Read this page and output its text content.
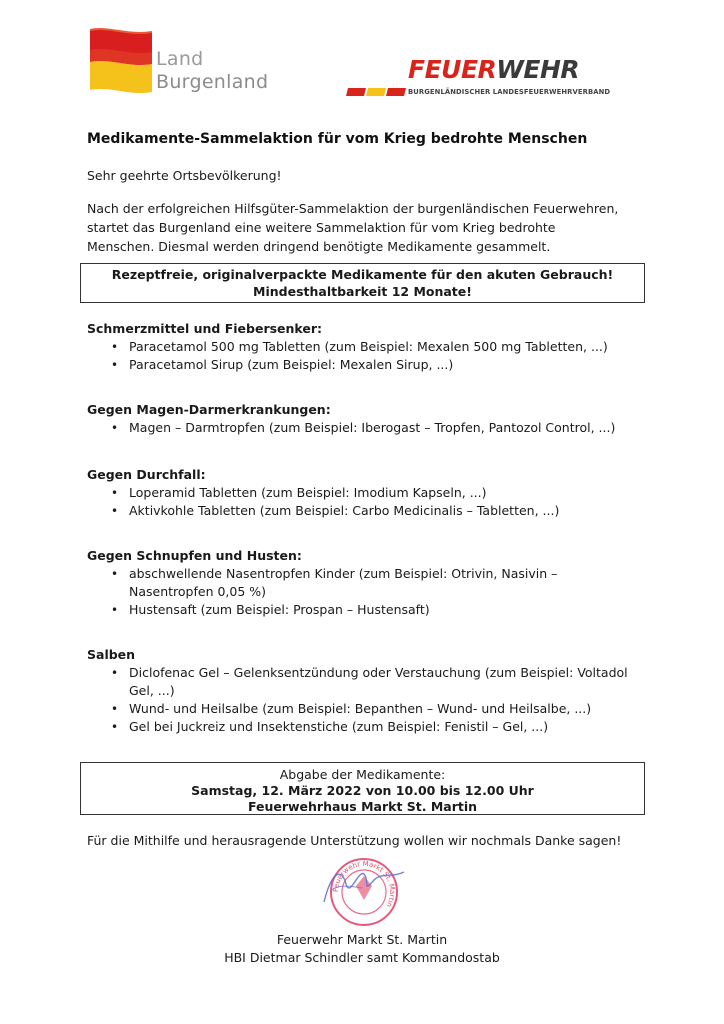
Land
Burgenland	FEUERWEHR
BURGENLÄNDISCHER LANDESFEUERWEHRVERBAND
Medikamente-Sammelaktion für vom Krieg bedrohte Menschen
Sehr geehrte Ortsbevölkerung!
Nach der erfolgreichen Hilfsgüter-Sammelaktion der burgenländischen Feuerwehren,
startet das Burgenland eine weitere Sammelaktion für vom Krieg bedrohte
Menschen. Diesmal werden dringend benötigte Medikamente gesammelt.
Rezeptfreie, originalverpackte Medikamente für den akuten Gebrauch!
Mindesthaltbarkeit 12 Monate!
Schmerzmittel und Fiebersenker:
• Paracetamol 500 mg Tabletten (zum Beispiel: Mexalen 500 mg Tabletten, ...)
• Paracetamol Sirup (zum Beispiel: Mexalen Sirup, ...)
Gegen Magen-Darmerkrankungen:
• Magen – Darmtropfen (zum Beispiel: Iberogast – Tropfen, Pantozol Control, ...)
Gegen Durchfall:
• Loperamid Tabletten (zum Beispiel: Imodium Kapseln, ...)
• Aktivkohle Tabletten (zum Beispiel: Carbo Medicinalis – Tabletten, ...)
Gegen Schnupfen und Husten:
• abschwellende Nasentropfen Kinder (zum Beispiel: Otrivin, Nasivin – Nasentropfen 0,05 %)
• Hustensaft (zum Beispiel: Prospan – Hustensaft)
Salben
• Diclofenac Gel – Gelenksentzündung oder Verstauchung (zum Beispiel: Voltadol Gel, ...)
• Wund- und Heilsalbe (zum Beispiel: Bepanthen – Wund- und Heilsalbe, ...)
• Gel bei Juckreiz und Insektenstiche (zum Beispiel: Fenistil – Gel, ...)
Abgabe der Medikamente:
Samstag, 12. März 2022 von 10.00 bis 12.00 Uhr
Feuerwehrhaus Markt St. Martin
Für die Mithilfe und herausragende Unterstützung wollen wir nochmals Danke sagen!
Feuerwehr Markt St. Martin
Feuerwehr Markt St. Martin
HBI Dietmar Schindler samt Kommandostab
